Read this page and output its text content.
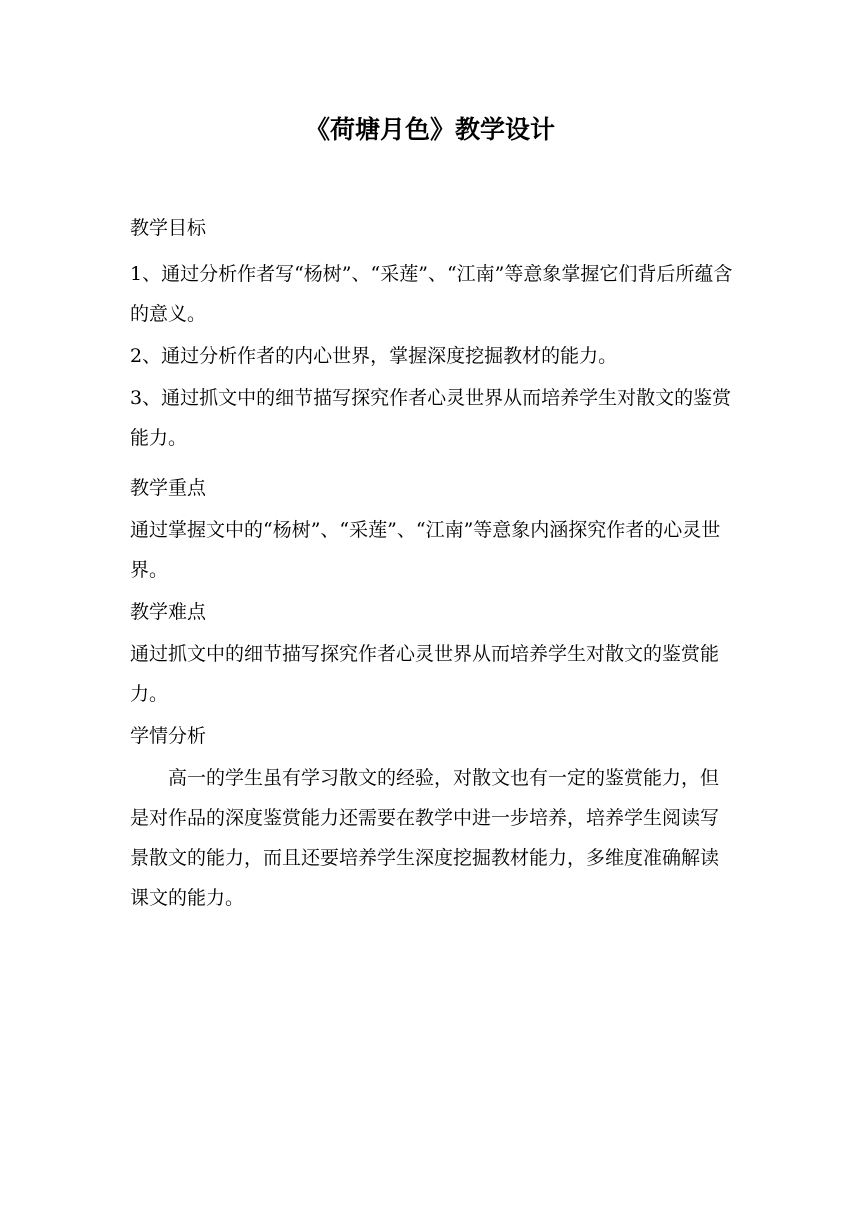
《荷塘月色》教学设计

教学目标

1、通过分析作者写“杨树”、“采莲”、“江南”等意象掌握它们背后所蕴含的意义。

2、通过分析作者的内心世界，掌握深度挖掘教材的能力。

3、通过抓文中的细节描写探究作者心灵世界从而培养学生对散文的鉴赏能力。

教学重点

通过掌握文中的“杨树”、“采莲”、“江南”等意象内涵探究作者的心灵世界。

教学难点

通过抓文中的细节描写探究作者心灵世界从而培养学生对散文的鉴赏能力。

学情分析

高一的学生虽有学习散文的经验，对散文也有一定的鉴赏能力，但是对作品的深度鉴赏能力还需要在教学中进一步培养，培养学生阅读写景散文的能力，而且还要培养学生深度挖掘教材能力，多维度准确解读课文的能力。
